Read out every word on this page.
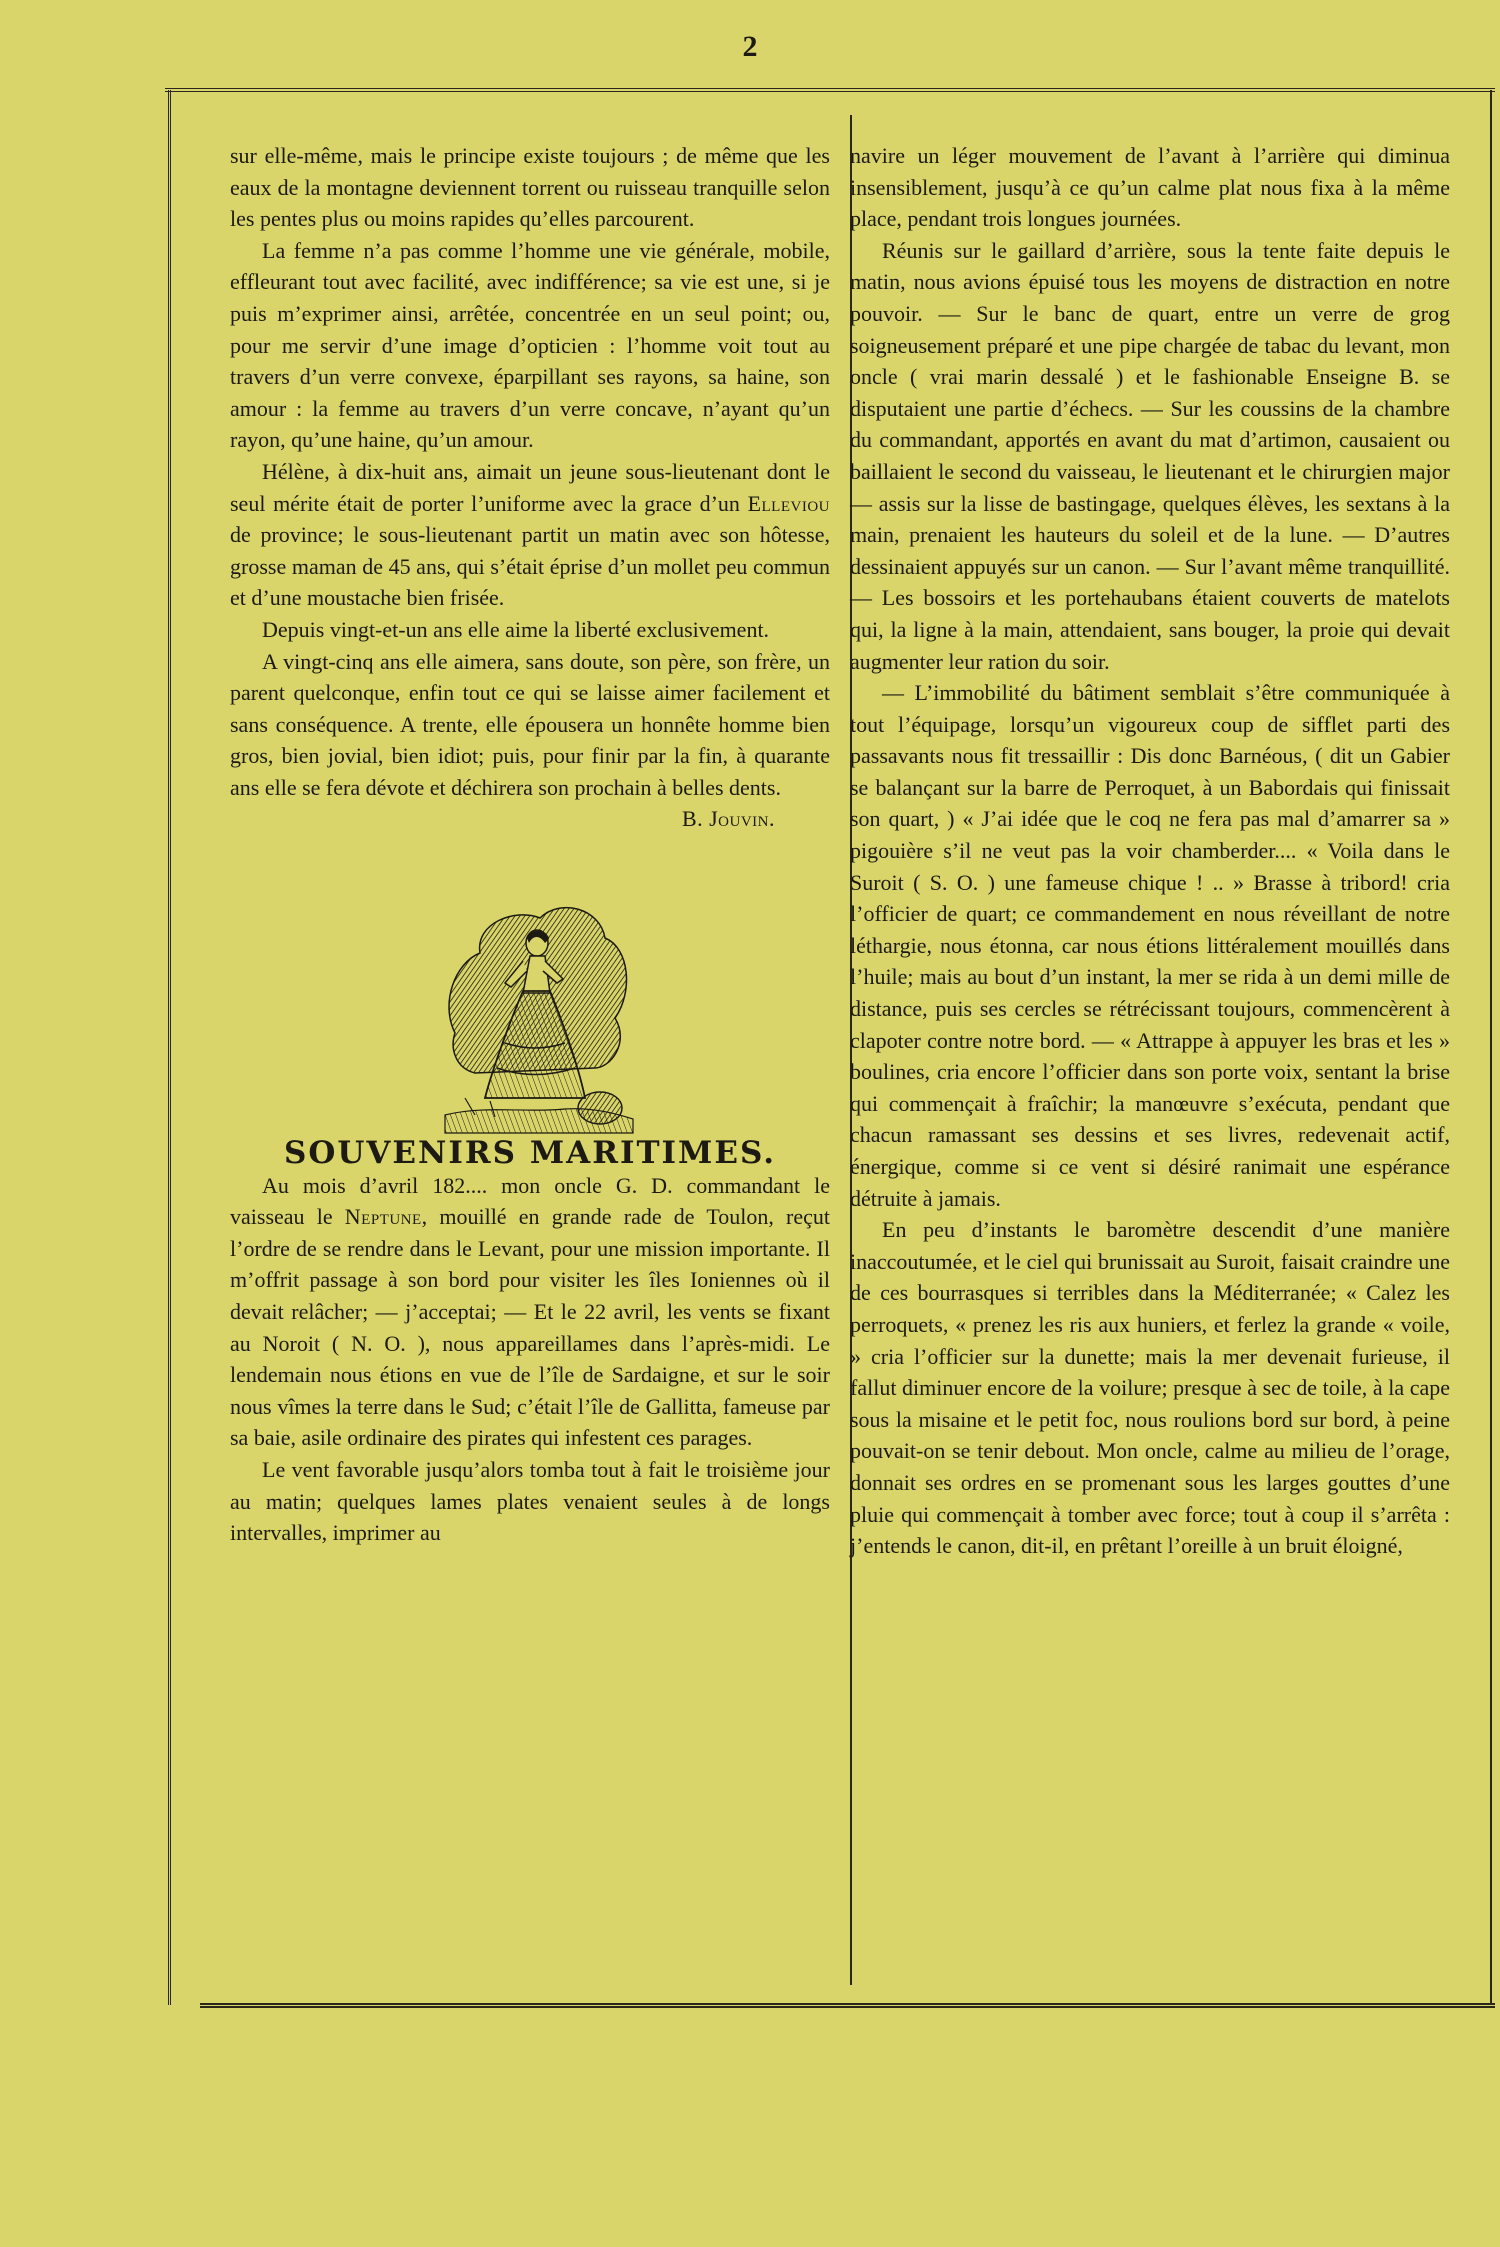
2

sur elle-même, mais le principe existe toujours ; de même que les eaux de la montagne deviennent torrent ou ruisseau tranquille selon les pentes plus ou moins rapides qu’elles parcourent.

La femme n’a pas comme l’homme une vie générale, mobile, effleurant tout avec facilité, avec indifférence; sa vie est une, si je puis m’exprimer ainsi, arrêtée, concentrée en un seul point; ou, pour me servir d’une image d’opticien : l’homme voit tout au travers d’un verre convexe, éparpillant ses rayons, sa haine, son amour : la femme au travers d’un verre concave, n’ayant qu’un rayon, qu’une haine, qu’un amour.

Hélène, à dix-huit ans, aimait un jeune sous-lieutenant dont le seul mérite était de porter l’uniforme avec la grace d’un Elleviou de province; le sous-lieutenant partit un matin avec son hôtesse, grosse maman de 45 ans, qui s’était éprise d’un mollet peu commun et d’une moustache bien frisée.

Depuis vingt-et-un ans elle aime la liberté exclusivement.

A vingt-cinq ans elle aimera, sans doute, son père, son frère, un parent quelconque, enfin tout ce qui se laisse aimer facilement et sans conséquence. A trente, elle épousera un honnête homme bien gros, bien jovial, bien idiot; puis, pour finir par la fin, à quarante ans elle se fera dévote et déchirera son prochain à belles dents.

B. Jouvin.

SOUVENIRS MARITIMES.

Au mois d’avril 182.... mon oncle G. D. commandant le vaisseau le Neptune, mouillé en grande rade de Toulon, reçut l’ordre de se rendre dans le Levant, pour une mission importante. Il m’offrit passage à son bord pour visiter les îles Ioniennes où il devait relâcher; — j’acceptai; — Et le 22 avril, les vents se fixant au Noroit ( N. O. ), nous appareillames dans l’après-midi. Le lendemain nous étions en vue de l’île de Sardaigne, et sur le soir nous vîmes la terre dans le Sud; c’était l’île de Gallitta, fameuse par sa baie, asile ordinaire des pirates qui infestent ces parages.

Le vent favorable jusqu’alors tomba tout à fait le troisième jour au matin; quelques lames plates venaient seules à de longs intervalles, imprimer au

navire un léger mouvement de l’avant à l’arrière qui diminua insensiblement, jusqu’à ce qu’un calme plat nous fixa à la même place, pendant trois longues journées.

Réunis sur le gaillard d’arrière, sous la tente faite depuis le matin, nous avions épuisé tous les moyens de distraction en notre pouvoir. — Sur le banc de quart, entre un verre de grog soigneusement préparé et une pipe chargée de tabac du levant, mon oncle ( vrai marin dessalé ) et le fashionable Enseigne B. se disputaient une partie d’échecs. — Sur les coussins de la chambre du commandant, apportés en avant du mat d’artimon, causaient ou baillaient le second du vaisseau, le lieutenant et le chirurgien major — assis sur la lisse de bastingage, quelques élèves, les sextans à la main, prenaient les hauteurs du soleil et de la lune. — D’autres dessinaient appuyés sur un canon. — Sur l’avant même tranquillité. — Les bossoirs et les portehaubans étaient couverts de matelots qui, la ligne à la main, attendaient, sans bouger, la proie qui devait augmenter leur ration du soir.

— L’immobilité du bâtiment semblait s’être communiquée à tout l’équipage, lorsqu’un vigoureux coup de sifflet parti des passavants nous fit tressaillir : Dis donc Barnéous, ( dit un Gabier se balançant sur la barre de Perroquet, à un Babordais qui finissait son quart, ) « J’ai idée que le coq ne fera pas mal d’amarrer sa » pigouière s’il ne veut pas la voir chamberder.... « Voila dans le Suroit ( S. O. ) une fameuse chique ! .. » Brasse à tribord! cria l’officier de quart; ce commandement en nous réveillant de notre léthargie, nous étonna, car nous étions littéralement mouillés dans l’huile; mais au bout d’un instant, la mer se rida à un demi mille de distance, puis ses cercles se rétrécissant toujours, commencèrent à clapoter contre notre bord. — « Attrappe à appuyer les bras et les » boulines, cria encore l’officier dans son porte voix, sentant la brise qui commençait à fraîchir; la manœuvre s’exécuta, pendant que chacun ramassant ses dessins et ses livres, redevenait actif, énergique, comme si ce vent si désiré ranimait une espérance détruite à jamais.

En peu d’instants le baromètre descendit d’une manière inaccoutumée, et le ciel qui brunissait au Suroit, faisait craindre une de ces bourrasques si terribles dans la Méditerranée; « Calez les perroquets, « prenez les ris aux huniers, et ferlez la grande « voile, » cria l’officier sur la dunette; mais la mer devenait furieuse, il fallut diminuer encore de la voilure; presque à sec de toile, à la cape sous la misaine et le petit foc, nous roulions bord sur bord, à peine pouvait-on se tenir debout. Mon oncle, calme au milieu de l’orage, donnait ses ordres en se promenant sous les larges gouttes d’une pluie qui commençait à tomber avec force; tout à coup il s’arrêta : j’entends le canon, dit-il, en prêtant l’oreille à un bruit éloigné,
